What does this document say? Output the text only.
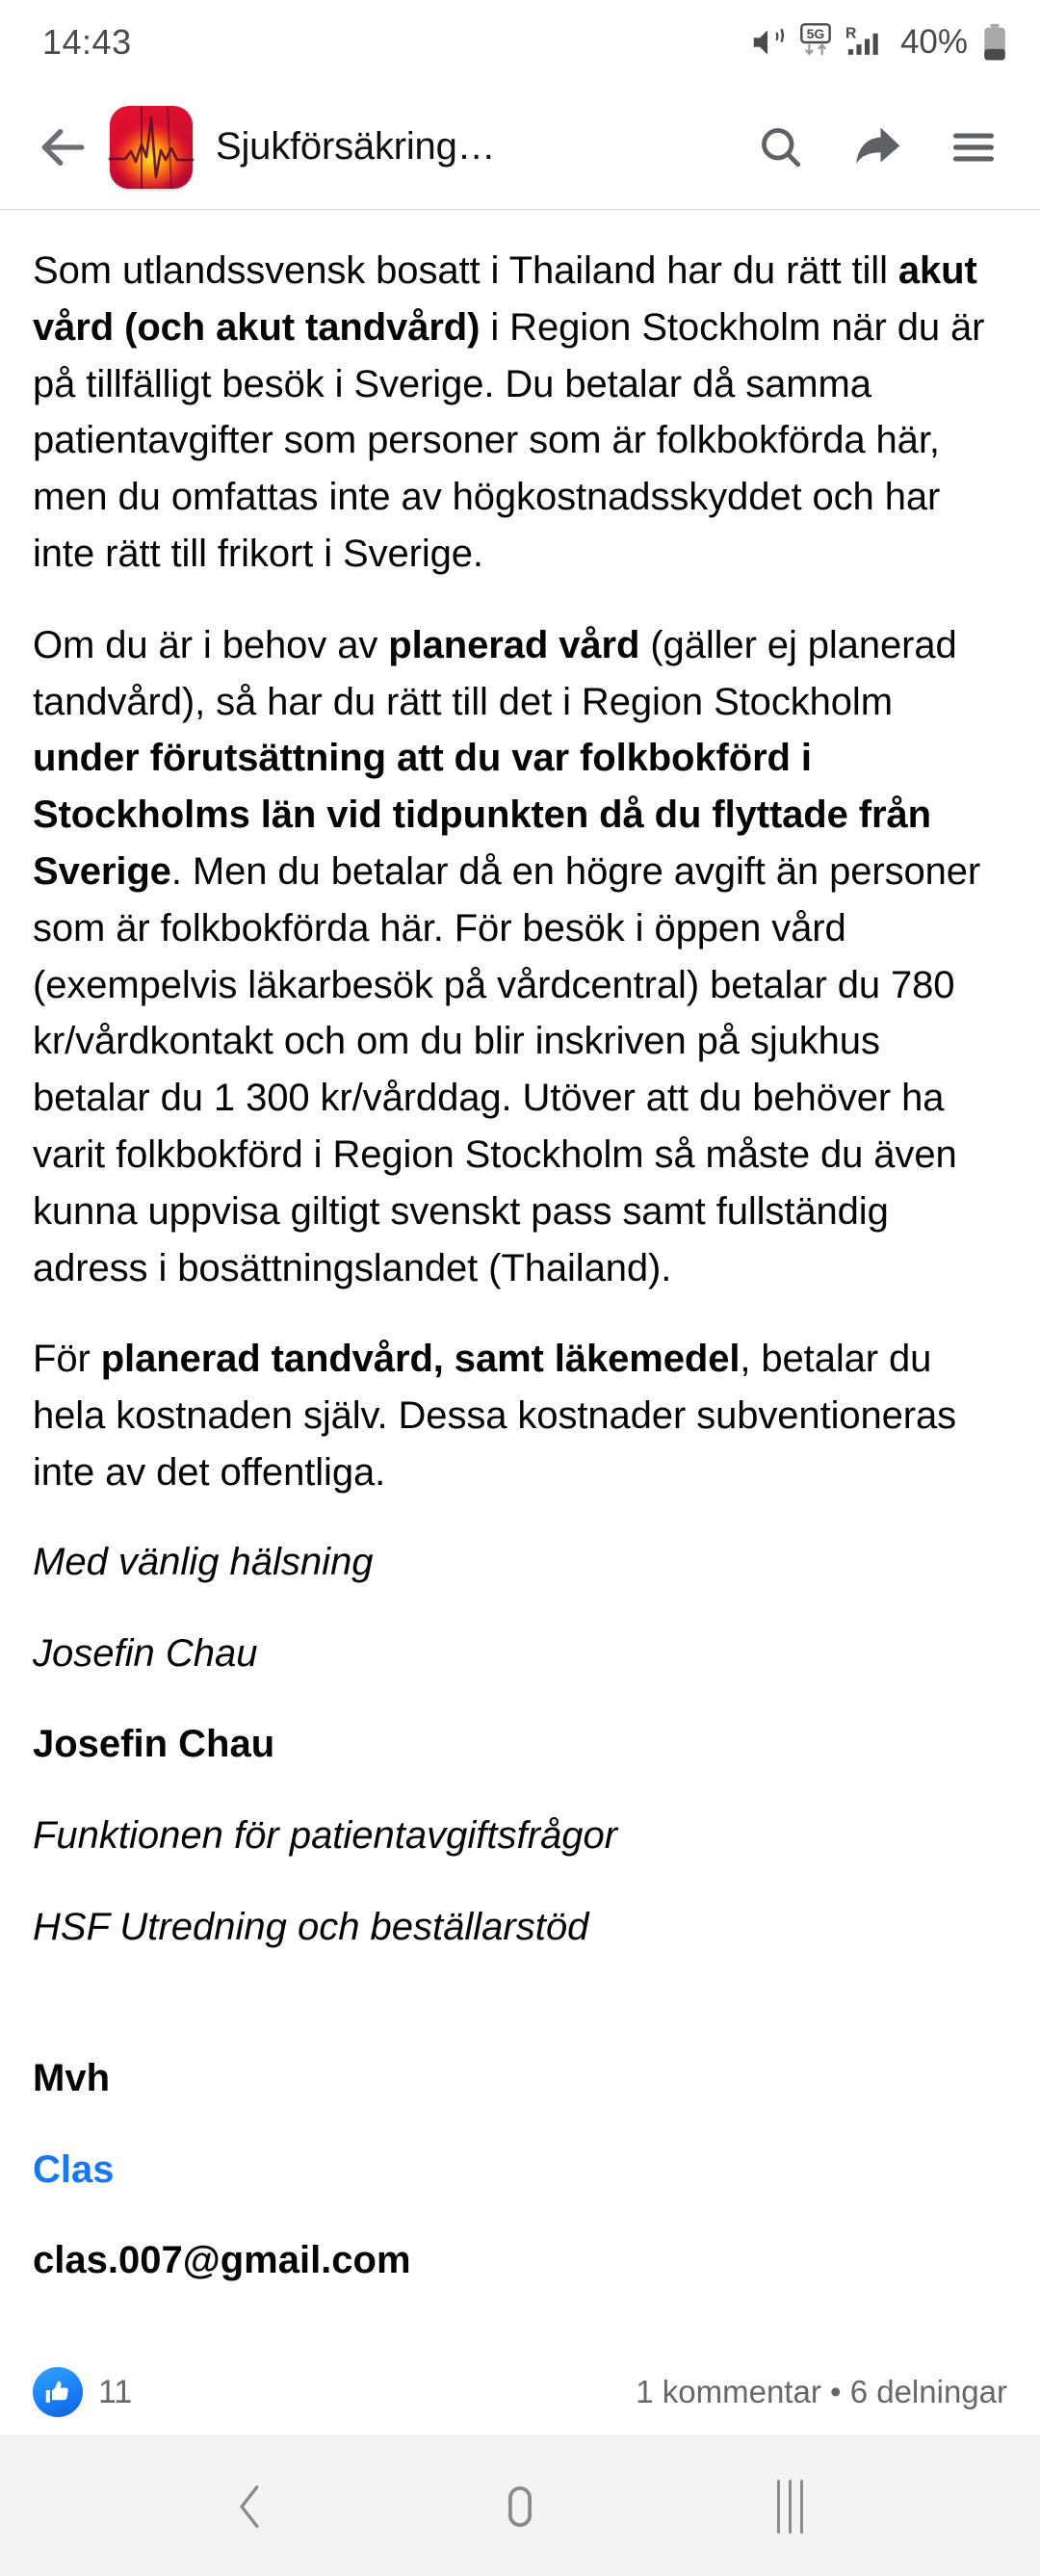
14:43	5G R 40%
Sjukförsäkring…

Som utlandssvensk bosatt i Thailand har du rätt till akut vård (och akut tandvård) i Region Stockholm när du är på tillfälligt besök i Sverige. Du betalar då samma patientavgifter som personer som är folkbokförda här, men du omfattas inte av högkostnadsskyddet och har inte rätt till frikort i Sverige.

Om du är i behov av planerad vård (gäller ej planerad tandvård), så har du rätt till det i Region Stockholm under förutsättning att du var folkbokförd i Stockholms län vid tidpunkten då du flyttade från Sverige. Men du betalar då en högre avgift än personer som är folkbokförda här. För besök i öppen vård (exempelvis läkarbesök på vårdcentral) betalar du 780 kr/vårdkontakt och om du blir inskriven på sjukhus betalar du 1 300 kr/vårddag. Utöver att du behöver ha varit folkbokförd i Region Stockholm så måste du även kunna uppvisa giltigt svenskt pass samt fullständig adress i bosättningslandet (Thailand).

För planerad tandvård, samt läkemedel, betalar du hela kostnaden själv. Dessa kostnader subventioneras inte av det offentliga.

Med vänlig hälsning

Josefin Chau

Josefin Chau

Funktionen för patientavgiftsfrågor

HSF Utredning och beställarstöd

Mvh

Clas

clas.007@gmail.com

11	1 kommentar • 6 delningar
